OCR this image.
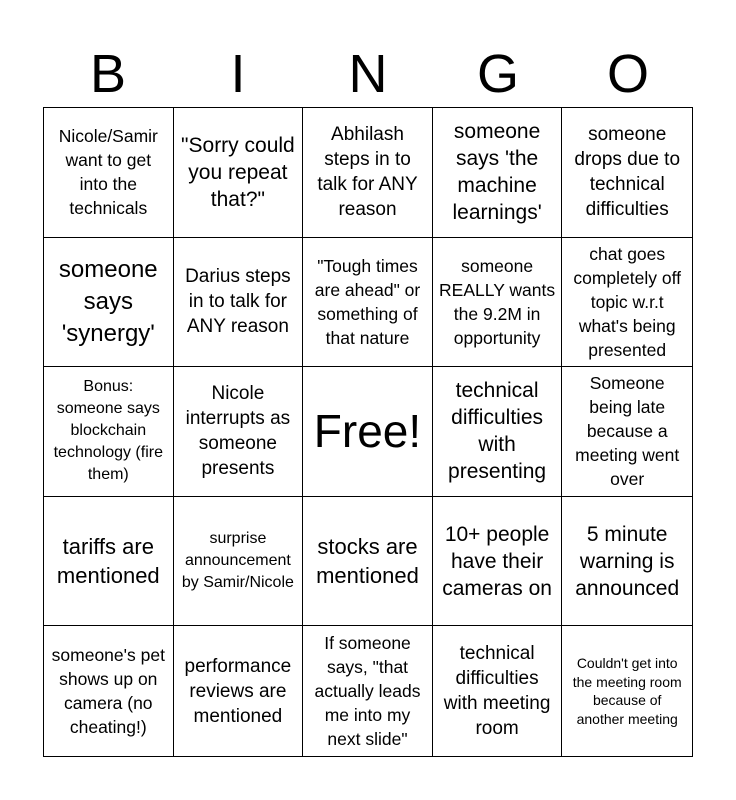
B	I	N	G	O
Nicole/Samir want to get into the technicals
"Sorry could you repeat that?"
Abhilash steps in to talk for ANY reason
someone says 'the machine learnings'
someone drops due to technical difficulties
someone says 'synergy'
Darius steps in to talk for ANY reason
"Tough times are ahead" or something of that nature
someone REALLY wants the 9.2M in opportunity
chat goes completely off topic w.r.t what's being presented
Bonus: someone says blockchain technology (fire them)
Nicole interrupts as someone presents
Free!
technical difficulties with presenting
Someone being late because a meeting went over
tariffs are mentioned
surprise announcement by Samir/Nicole
stocks are mentioned
10+ people have their cameras on
5 minute warning is announced
someone's pet shows up on camera (no cheating!)
performance reviews are mentioned
If someone says, "that actually leads me into my next slide"
technical difficulties with meeting room
Couldn't get into the meeting room because of another meeting
